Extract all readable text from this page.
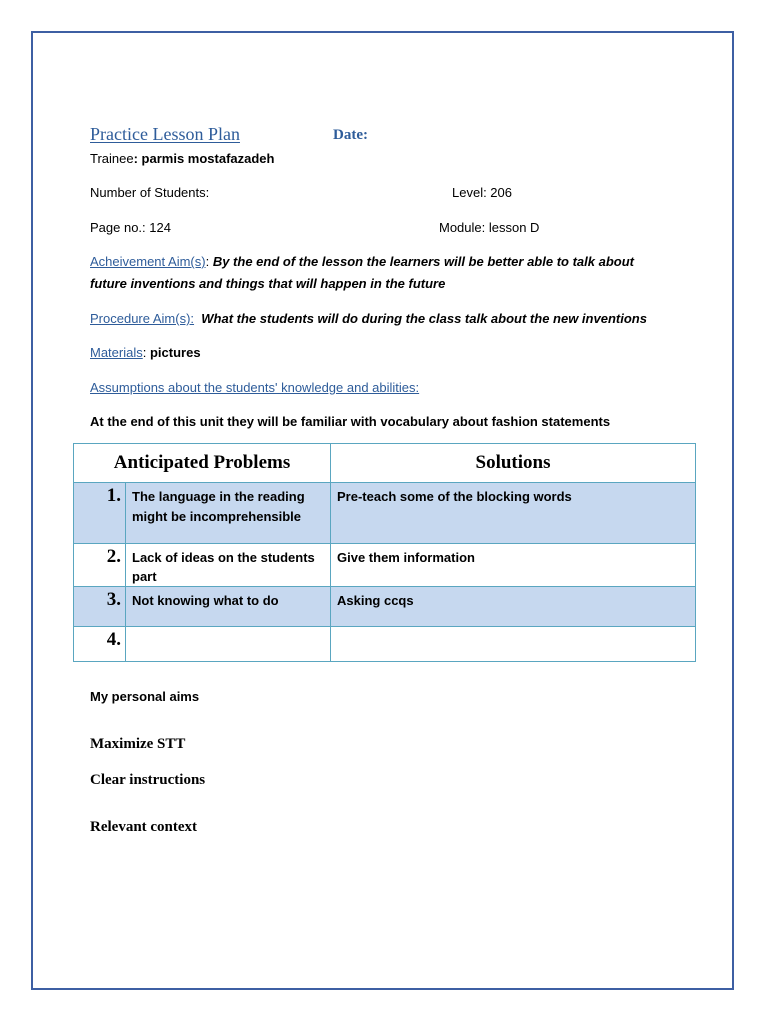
Practice Lesson Plan	Date:
Trainee: parmis mostafazadeh
Number of Students:	Level: 206
Page no.: 124	Module: lesson D
Acheivement Aim(s): By the end of the lesson the learners will be better able to talk about
future inventions and things that will happen in the future
Procedure Aim(s): What the students will do during the class talk about the new inventions
Materials: pictures
Assumptions about the students' knowledge and abilities:
At the end of this unit they will be familiar with vocabulary about fashion statements
Anticipated Problems		Solutions
1.	The language in the reading might be incomprehensible	Pre-teach some of the blocking words
2.	Lack of ideas on the students part	Give them information
3.	Not knowing what to do	Asking ccqs
4.		
My personal aims
Maximize STT
Clear instructions
Relevant context
